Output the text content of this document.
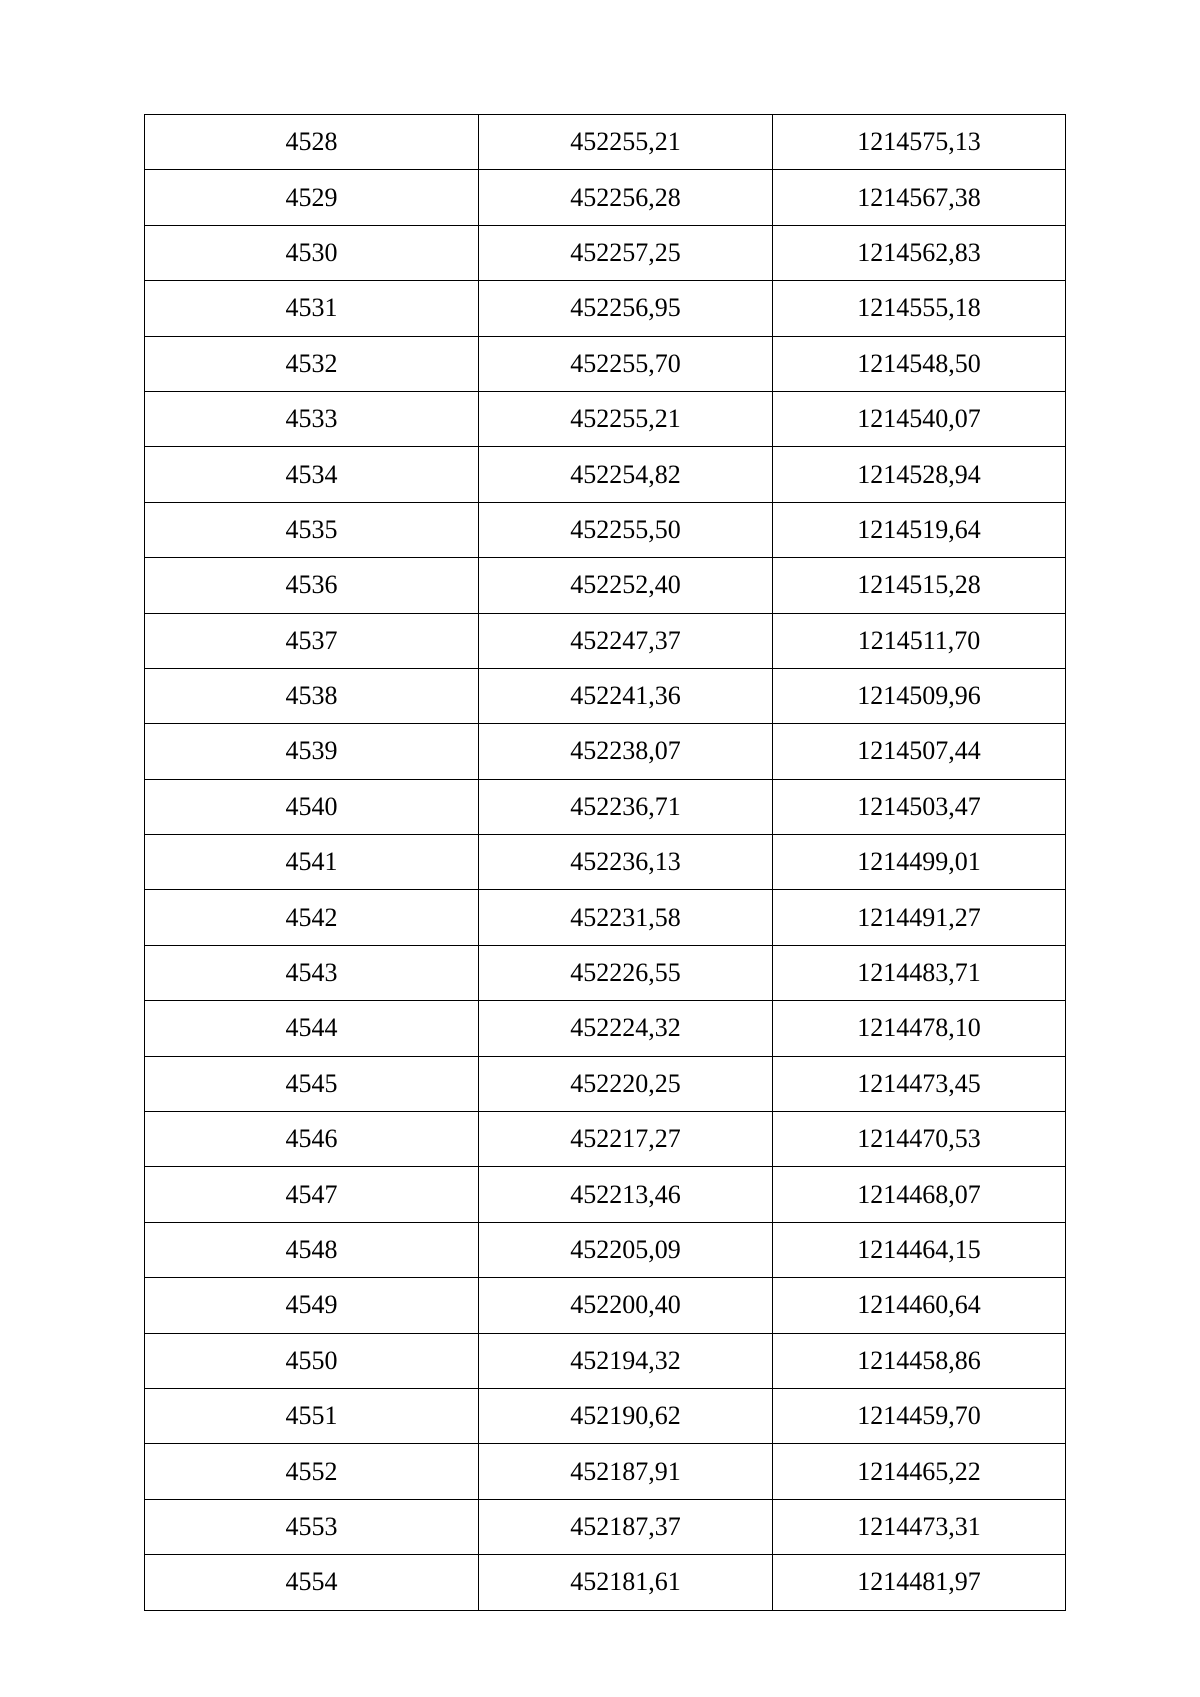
4528	452255,21	1214575,13
4529	452256,28	1214567,38
4530	452257,25	1214562,83
4531	452256,95	1214555,18
4532	452255,70	1214548,50
4533	452255,21	1214540,07
4534	452254,82	1214528,94
4535	452255,50	1214519,64
4536	452252,40	1214515,28
4537	452247,37	1214511,70
4538	452241,36	1214509,96
4539	452238,07	1214507,44
4540	452236,71	1214503,47
4541	452236,13	1214499,01
4542	452231,58	1214491,27
4543	452226,55	1214483,71
4544	452224,32	1214478,10
4545	452220,25	1214473,45
4546	452217,27	1214470,53
4547	452213,46	1214468,07
4548	452205,09	1214464,15
4549	452200,40	1214460,64
4550	452194,32	1214458,86
4551	452190,62	1214459,70
4552	452187,91	1214465,22
4553	452187,37	1214473,31
4554	452181,61	1214481,97
